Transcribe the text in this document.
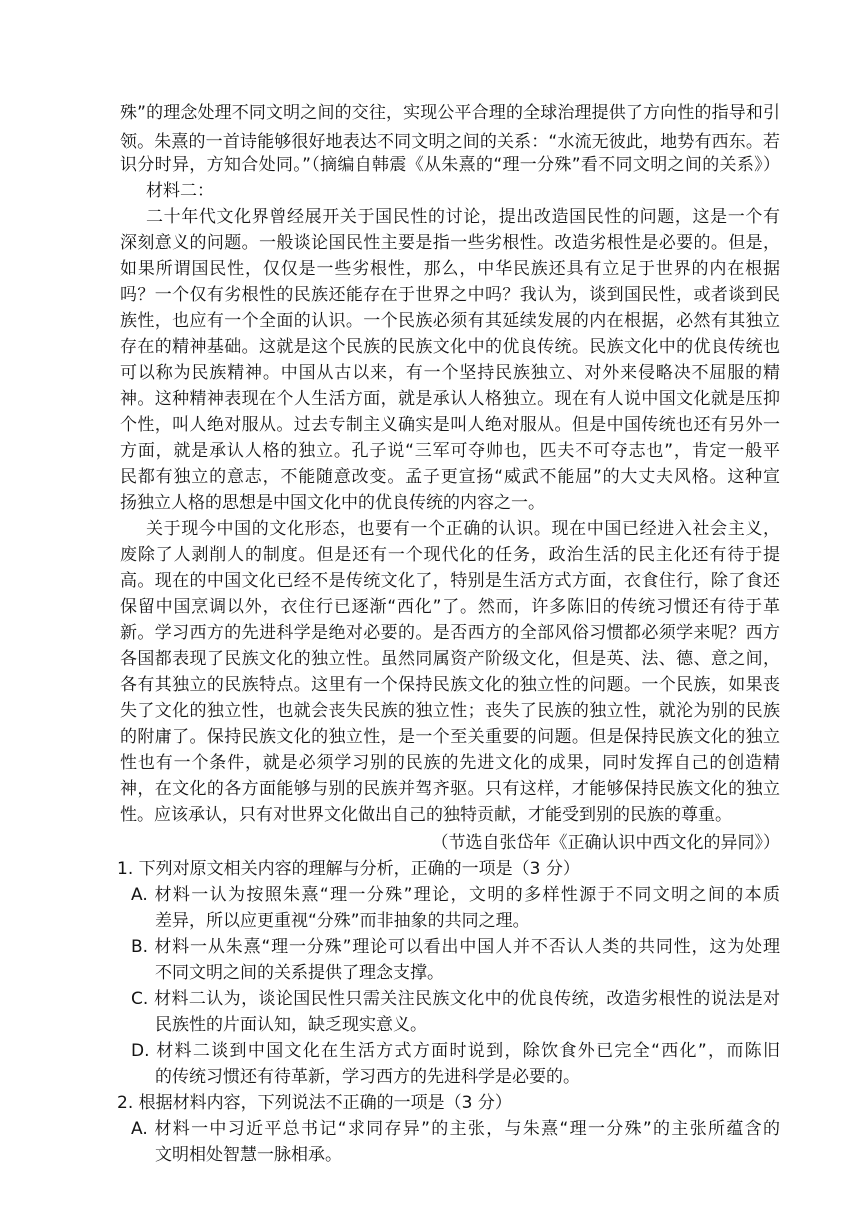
殊”的理念处理不同文明之间的交往，实现公平合理的全球治理提供了方向性的指导和引
领。朱熹的一首诗能够很好地表达不同文明之间的关系：“水流无彼此，地势有西东。若
识分时异，方知合处同。”（摘编自韩震《从朱熹的“理一分殊”看不同文明之间的关系》）
材料二：
二十年代文化界曾经展开关于国民性的讨论，提出改造国民性的问题，这是一个有
深刻意义的问题。一般谈论国民性主要是指一些劣根性。改造劣根性是必要的。但是，
如果所谓国民性，仅仅是一些劣根性，那么，中华民族还具有立足于世界的内在根据
吗？一个仅有劣根性的民族还能存在于世界之中吗？我认为，谈到国民性，或者谈到民
族性，也应有一个全面的认识。一个民族必须有其延续发展的内在根据，必然有其独立
存在的精神基础。这就是这个民族的民族文化中的优良传统。民族文化中的优良传统也
可以称为民族精神。中国从古以来，有一个坚持民族独立、对外来侵略决不屈服的精
神。这种精神表现在个人生活方面，就是承认人格独立。现在有人说中国文化就是压抑
个性，叫人绝对服从。过去专制主义确实是叫人绝对服从。但是中国传统也还有另外一
方面，就是承认人格的独立。孔子说“三军可夺帅也，匹夫不可夺志也”，肯定一般平
民都有独立的意志，不能随意改变。孟子更宣扬“威武不能屈”的大丈夫风格。这种宣
扬独立人格的思想是中国文化中的优良传统的内容之一。
关于现今中国的文化形态，也要有一个正确的认识。现在中国已经进入社会主义，
废除了人剥削人的制度。但是还有一个现代化的任务，政治生活的民主化还有待于提
高。现在的中国文化已经不是传统文化了，特别是生活方式方面，衣食住行，除了食还
保留中国烹调以外，衣住行已逐渐“西化”了。然而，许多陈旧的传统习惯还有待于革
新。学习西方的先进科学是绝对必要的。是否西方的全部风俗习惯都必须学来呢？西方
各国都表现了民族文化的独立性。虽然同属资产阶级文化，但是英、法、德、意之间，
各有其独立的民族特点。这里有一个保持民族文化的独立性的问题。一个民族，如果丧
失了文化的独立性，也就会丧失民族的独立性；丧失了民族的独立性，就沦为别的民族
的附庸了。保持民族文化的独立性，是一个至关重要的问题。但是保持民族文化的独立
性也有一个条件，就是必须学习别的民族的先进文化的成果，同时发挥自己的创造精
神，在文化的各方面能够与别的民族并驾齐驱。只有这样，才能够保持民族文化的独立
性。应该承认，只有对世界文化做出自己的独特贡献，才能受到别的民族的尊重。
（节选自张岱年《正确认识中西文化的异同》）
1. 下列对原文相关内容的理解与分析，正确的一项是（3 分）
A. 材料一认为按照朱熹“理一分殊”理论，文明的多样性源于不同文明之间的本质
差异，所以应更重视“分殊”而非抽象的共同之理。
B. 材料一从朱熹“理一分殊”理论可以看出中国人并不否认人类的共同性，这为处理
不同文明之间的关系提供了理念支撑。
C. 材料二认为，谈论国民性只需关注民族文化中的优良传统，改造劣根性的说法是对
民族性的片面认知，缺乏现实意义。
D. 材料二谈到中国文化在生活方式方面时说到，除饮食外已完全“西化”，而陈旧
的传统习惯还有待革新，学习西方的先进科学是必要的。
2. 根据材料内容，下列说法不正确的一项是（3 分）
A. 材料一中习近平总书记“求同存异”的主张，与朱熹“理一分殊”的主张所蕴含的
文明相处智慧一脉相承。
